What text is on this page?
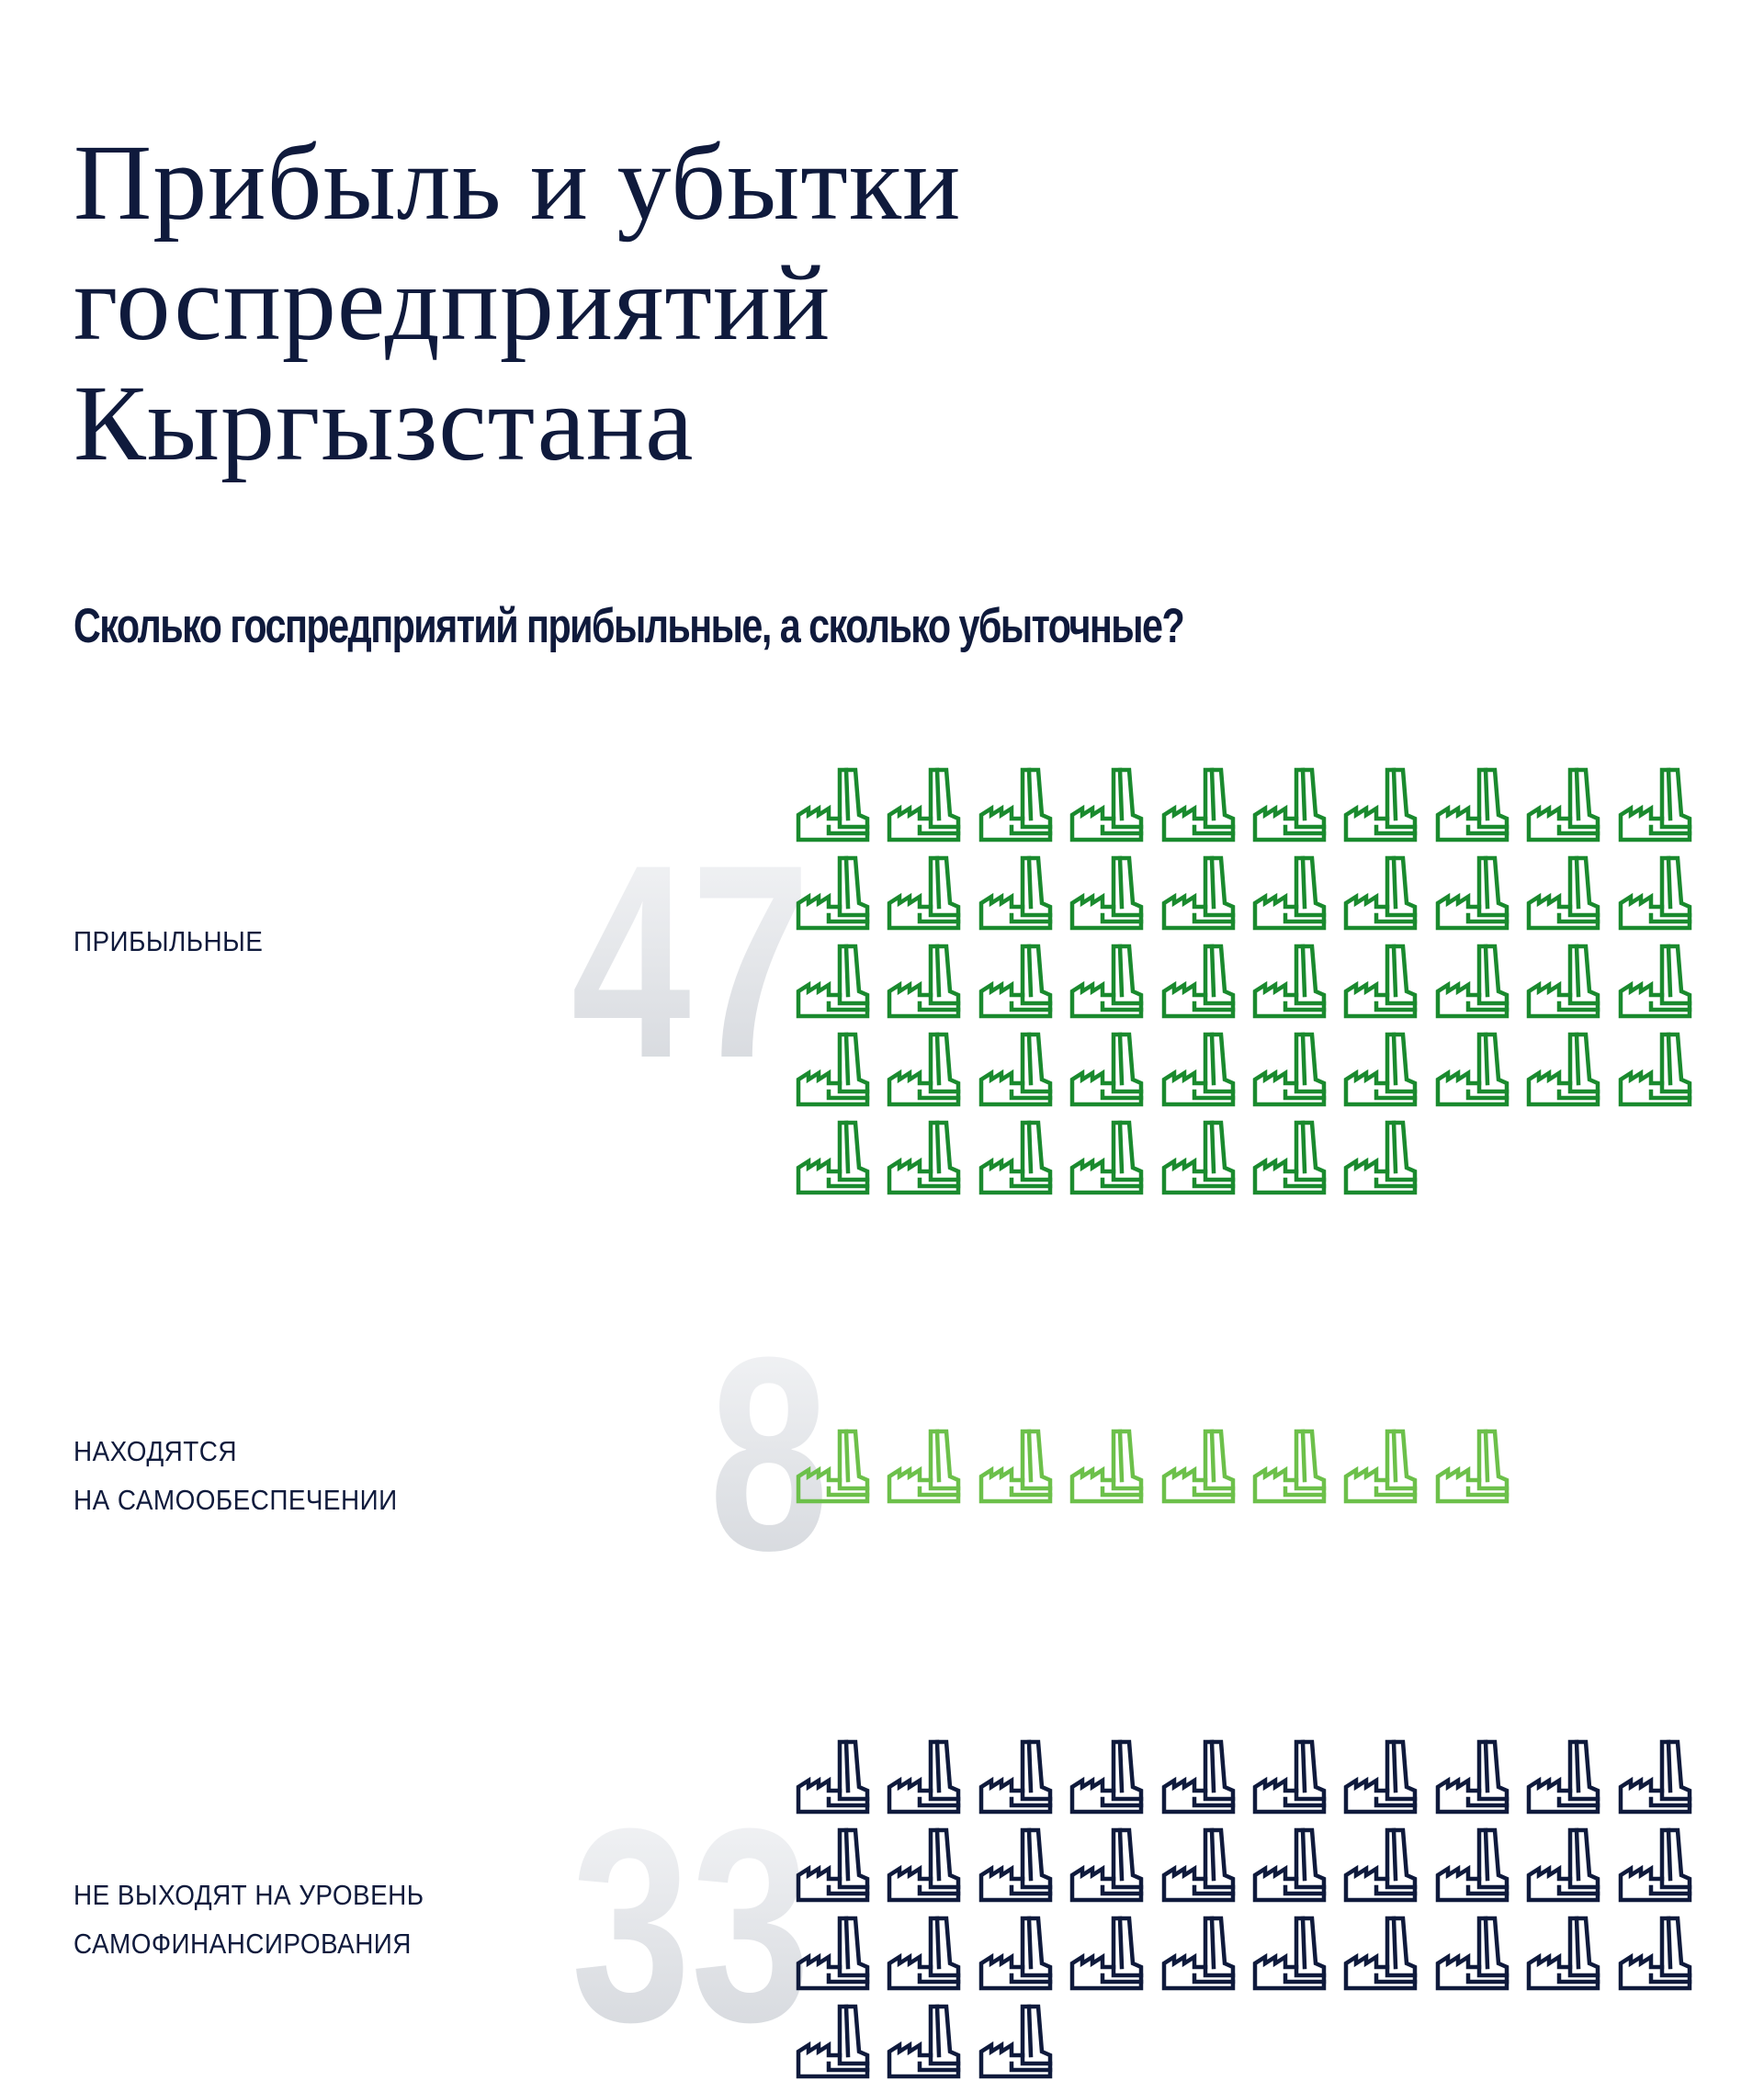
Прибыль и убытки
госпредприятий
Кыргызстана
Сколько госпредприятий прибыльные, а сколько убыточные?
ПРИБЫЛЬНЫЕ 47
НАХОДЯТСЯ
НА САМООБЕСПЕЧЕНИИ	8
НЕ ВЫХОДЯТ НА УРОВЕНЬ
САМОФИНАНСИРОВАНИЯ 33
